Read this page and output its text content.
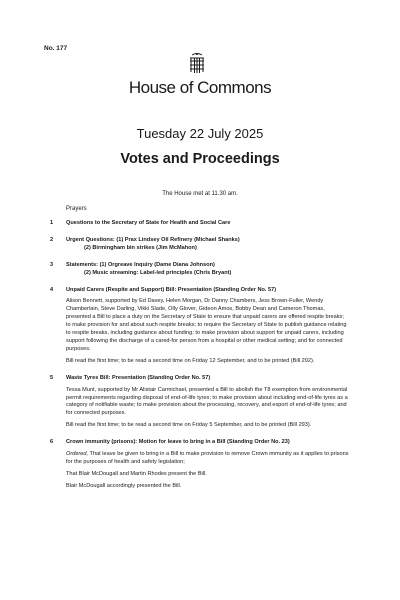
No. 177
House of Commons
Tuesday 22 July 2025
Votes and Proceedings
The House met at 11.30 am.
Prayers
1	Questions to the Secretary of State for Health and Social Care
2	Urgent Questions: (1) Prax Lindsey Oil Refinery (Michael Shanks)
(2) Birmingham bin strikes (Jim McMahon)
3	Statements: (1) Orgreave Inquiry (Dame Diana Johnson)
(2) Music streaming: Label-led principles (Chris Bryant)
4	Unpaid Carers (Respite and Support) Bill: Presentation (Standing Order No. 57)
Alison Bennett, supported by Ed Davey, Helen Morgan, Dr Danny Chambers, Jess Brown-Fuller, Wendy Chamberlain, Steve Darling, Vikki Slade, Olly Glover, Gideon Amos, Bobby Dean and Cameron Thomas, presented a Bill to place a duty on the Secretary of State to ensure that unpaid carers are offered respite breaks; to make provision for and about such respite breaks; to require the Secretary of State to publish guidance relating to respite breaks, including guidance about funding; to make provision about support for unpaid carers, including support following the discharge of a cared-for person from a hospital or other medical setting; and for connected purposes.
Bill read the first time; to be read a second time on Friday 12 September, and to be printed (Bill 292).
5	Waste Tyres Bill: Presentation (Standing Order No. 57)
Tessa Munt, supported by Mr Alistair Carmichael, presented a Bill to abolish the T8 exemption from environmental permit requirements regarding disposal of end-of-life tyres; to make provision about including end-of-life tyres as a category of notifiable waste; to make provision about the processing, recovery, and export of end-of-life tyres; and for connected purposes.
Bill read the first time; to be read a second time on Friday 5 September, and to be printed (Bill 293).
6	Crown immunity (prisons): Motion for leave to bring in a Bill (Standing Order No. 23)
Ordered, That leave be given to bring in a Bill to make provision to remove Crown immunity as it applies to prisons for the purposes of health and safety legislation;
That Blair McDougall and Martin Rhodes present the Bill.
Blair McDougall accordingly presented the Bill.
